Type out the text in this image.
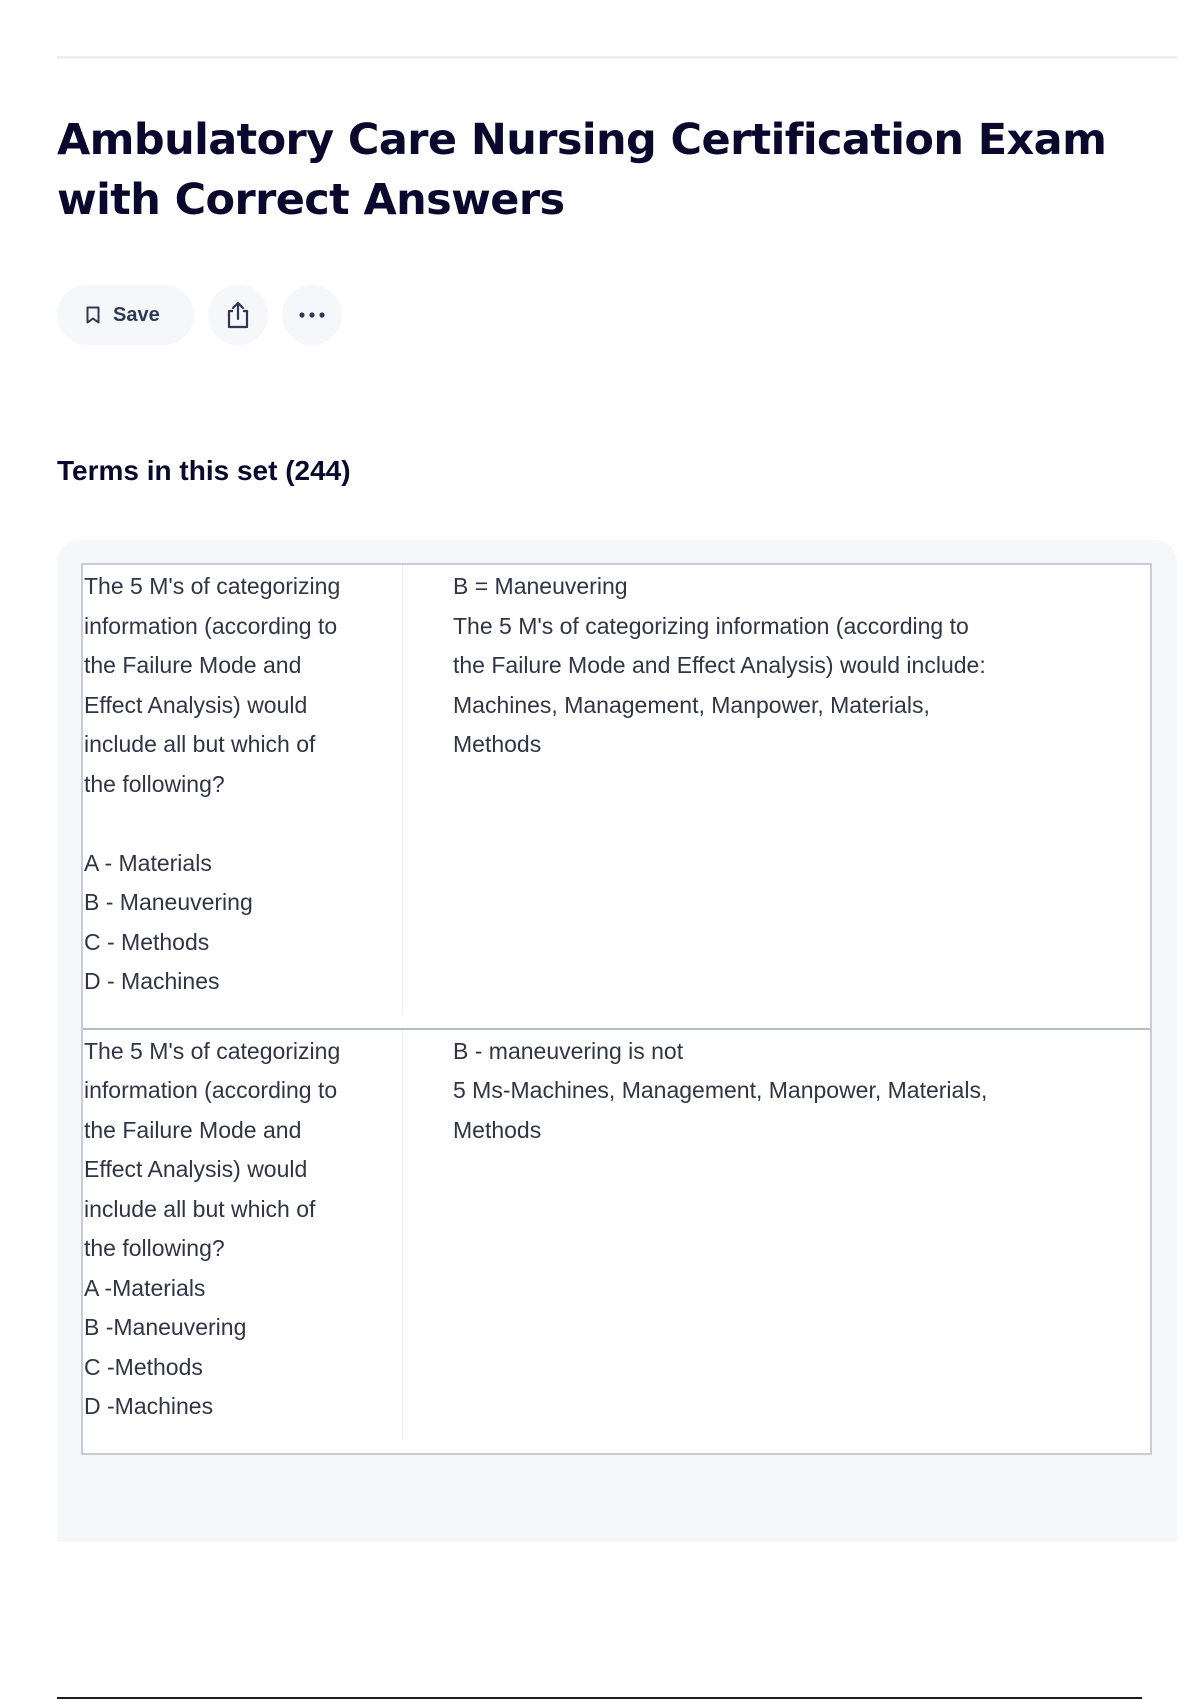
Ambulatory Care Nursing Certification Exam with Correct Answers
Save
Terms in this set (244)
The 5 M's of categorizing
information (according to
the Failure Mode and
Effect Analysis) would
include all but which of
the following?

A - Materials
B - Maneuvering
C - Methods
D - Machines
B = Maneuvering
The 5 M's of categorizing information (according to
the Failure Mode and Effect Analysis) would include:
Machines, Management, Manpower, Materials,
Methods
The 5 M's of categorizing
information (according to
the Failure Mode and
Effect Analysis) would
include all but which of
the following?
A -Materials
B -Maneuvering
C -Methods
D -Machines
B - maneuvering is not
5 Ms-Machines, Management, Manpower, Materials,
Methods
